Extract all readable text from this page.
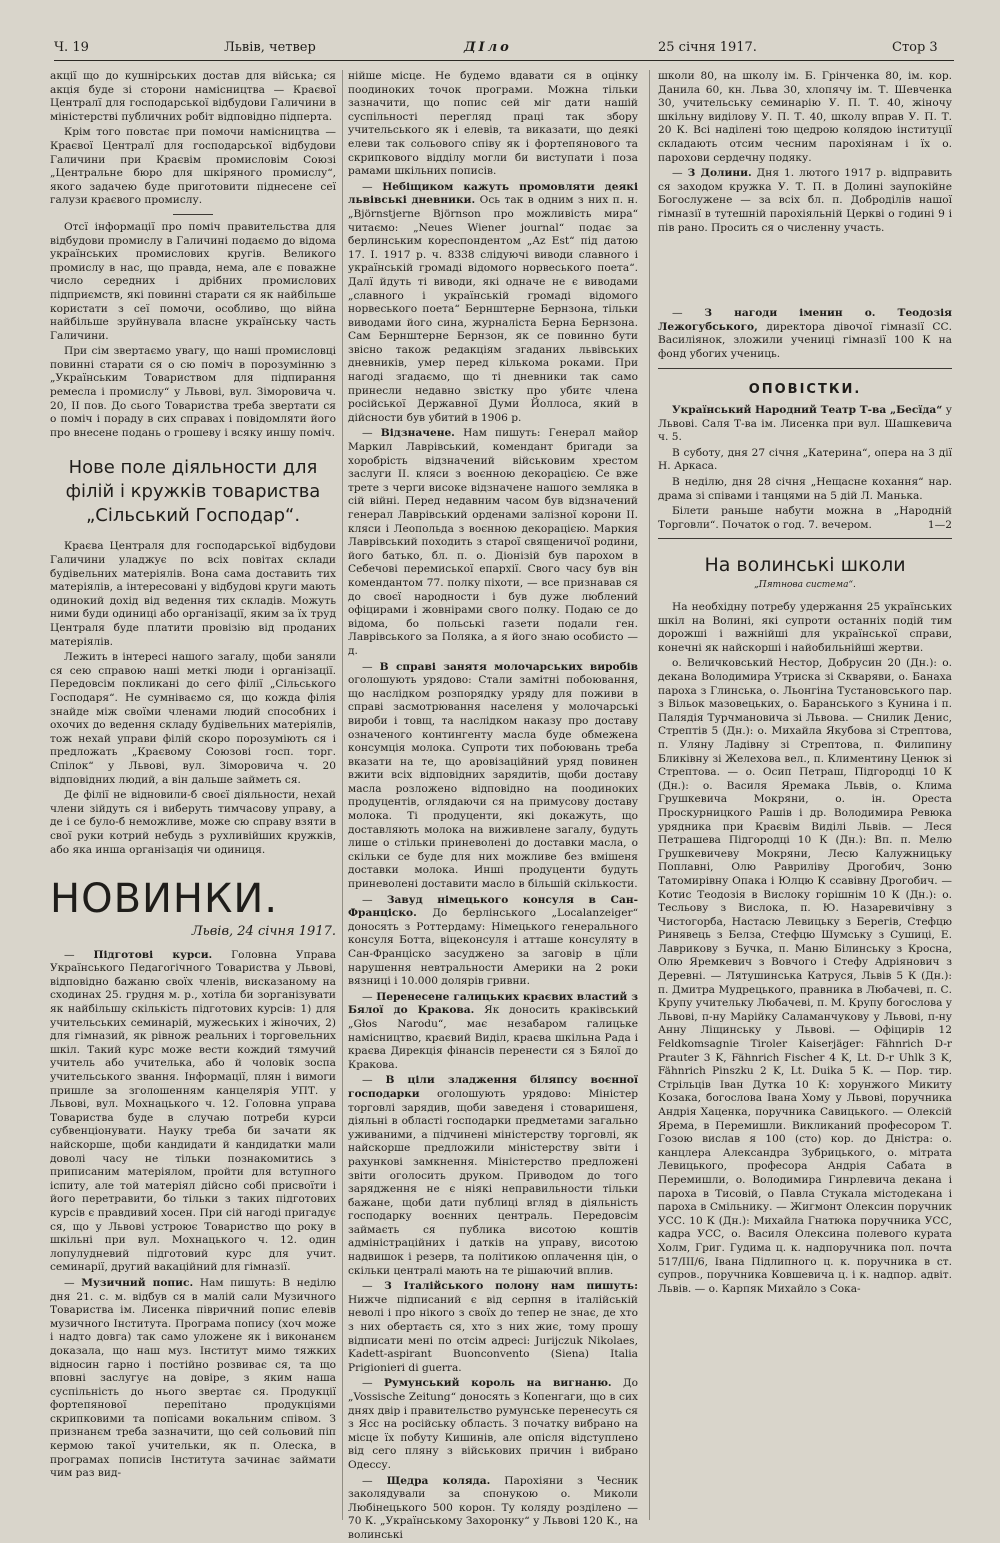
Ч. 19	Львів, четвер	ДІло	25 січня 1917.	Стор 3

акції що до кушнірських достав для війська; ся акція буде зі сторони намісництва — Краєвої Централї для господарської відбудови Галичини в міністерстві публичних робіт відповідно підперта.

Крім того повстає при помочи намісництва — Краєвої Централї для господарської відбудови Галичини при Краєвім промисловім Союзі „Центральне бюро для шкіряного промислу“, якого задачею буде приготовити піднесене сеї галузи краєвого промислу.

Отсї інформації про поміч правительства для відбудови промислу в Галичині подаємо до відома українських промислових кругів. Великого промислу в нас, що правда, нема, але є поважне число середних і дрібних промислових підприємств, які повинні старати ся як найбільше користати з сеї помочи, особливо, що війна найбільше зруйнувала власне українську часть Галичини.

При сім звертаємо увагу, що наші промисловці повинні старати ся о сю поміч в порозумінню з „Українським Товариством для підпирання ремесла і промислу“ у Львові, вул. Зіморовича ч. 20, II пов. До сього Товариства треба звертати ся о поміч і пораду в сих справах і повідомляти його про внесене подань о грошеву і всяку иншу поміч.

Нове поле діяльности для філій і кружків товариства „Сільський Господар“.

Краєва Централя для господарської відбудови Галичини уладжує по всіх повітах склади будівельних матеріялів. Вона сама доставить тих матеріялів, а інтересовані у відбудові круги мають одинокий дохід від ведення тих складів. Можуть ними буди одиниці або організації, яким за їх труд Централя буде платити провізію від проданих матеріялів.

Лежить в інтересі нашого загалу, щоби заняли ся сею справою наші меткі люди і організації. Передовсім покликані до сего філії „Сільського Господаря“. Не сумніваємо ся, що кожда філія знайде між своїми членами людий способних і охочих до ведення складу будівельних матеріялів, тож нехай управи філій скоро порозуміють ся і предложать „Краєвому Союзові госп. торг. Спілок“ у Львові, вул. Зіморовича ч. 20 відповідних людий, а він дальше займеть ся.

Де філії не відновили-б своєї діяльности, нехай члени зійдуть ся і виберуть тимчасову управу, а де і се було-б неможливе, може сю справу взяти в свої руки котрий небудь з рухливійших кружків, або яка инша організація чи одиниця.

НОВИНКИ.
Львів, 24 січня 1917.

— Підготові курси. Головна Управа Українського Педагогічного Товариства у Львові, відповідно бажаню своїх членів, висказаному на сходинах 25. грудня м. р., хотіла би зорганізувати як найбільшу скількість підготових курсів: 1) для учительських семинарій, мужеських і жіночих, 2) для гімназий, як рівнож реальних і торговельних шкіл. Такий курс може вести кождий тямучий учитель або учителька, або й чоловік зоспа учительського звання. Інформації, плян і вимоги пришле за зголошенням канцелярія УПТ. у Львові, вул. Мохнацького ч. 12. Головна управа Товариства буде в случаю потреби курси субвенціонувати. Науку треба би зачати як найскорше, щоби кандидати й кандидатки мали доволі часу не тільки познакомитись з приписаним матеріялом, пройти для вступного іспиту, але той матеріял дійсно собі присвоїти і його перетравити, бо тільки з таких підготових курсів є правдивий хосен. При сій нагоді пригадує ся, що у Львові устроює Товариство що року в шкільні при вул. Мохнацького ч. 12. один лопулудневий підготовий курс для учит. семинарії, другий вакаційний для гімназії.

— Музичний попис. Нам пишуть: В неділю дня 21. с. м. відбув ся в малій сали Музичного Товариства ім. Лисенка півричний попис елевів музичного Інститута. Програма попису (хоч може і надто довга) так само уложене як і виконанєм доказала, що наш муз. Інститут мимо тяжких відносин гарно і постійно розвиває ся, та що вповні заслугує на довіре, з яким наша суспільність до нього звертає ся. Продукції фортепянової перепітано продукціями скрипковими та попісами вокальним співом. З признанєм треба зазначити, що сей сольовий піп кермою такої учительки, як п. Олеска, в програмах пописів Інститута зачинає займати чим раз вид-

нійше місце. Не будемо вдавати ся в оцінку поодиноких точок програми. Можна тільки зазначити, що попис сей міг дати нашій суспільності перегляд праці так збору учительського як і елевів, та виказати, що деякі елеви так сольового співу як і фортепянового та скрипкового відділу могли би виступати і поза рамами шкільних пописів.

— Небіщиком кажуть промовляти деякі львівські дневники. Ось так в одним з них п. н. „Björnstjerne Björnson про можливість мира“ читаємо: „Neues Wiener journal“ подає за берлинським кореспондентом „Az Est“ під датою 17. I. 1917 р. ч. 8338 слідуючі виводи славного і українській громаді відомого норвеського поета“. Далї йдуть ті виводи, які одначе не є виводами „славного і українській громаді відомого норвеського поета“ Бернштерне Бернзона, тільки виводами його сина, журналіста Берна Бернзона. Сам Бернштерне Бернзон, як се повинно бути звісно також редакціям згаданих львівських дневників, умер перед кількома роками. При нагоді згадаємо, що ті дневники так само принесли недавно звістку про убитє члена російської Державної Думи Йоллоса, який в дійсности був убитий в 1906 р.

— Відзначене. Нам пишуть: Генерал майор Маркил Лаврівський, комендант бригади за хоробрість відзначений військовим хрестом заслуги II. кляси з воєнною декорацією. Се вже трете з черги високе відзначене нашого земляка в сій війні. Перед недавним часом був відзначений генерал Лаврівський орденами залізної корони II. кляси і Леопольда з воєнною декорацією. Маркия Лаврівський походить з старої священичої родини, його батько, бл. п. о. Діонізій був парохом в Себечові перемиської епархії. Свого часу був він комендантом 77. полку піхоти, — все признавав ся до своєї народности і був дуже люблений офіцирами і жовнірами свого полку. Подаю се до відома, бо польські газети подали ген. Лаврівського за Поляка, а я його знаю особисто — д.

— В справі занятя молочарських виробів оголошують урядово: Стали замітні побоювання, що наслідком розпорядку уряду для поживи в справі засмотрювання населеня у молочарські вироби і товщ, та наслідком наказу про доставу означеного контингенту масла буде обмежена консумція молока. Супроти тих побоювань треба вказати на те, що аровізаційний уряд повинен вжити всіх відповідних зарядитів, щоби доставу масла розложено відповідно на поодиноких продуцентів, оглядаючи ся на примусову доставу молока. Ті продуценти, які докажуть, що доставляють молока на виживлене загалу, будуть лише о стільки приневолені до доставки масла, о скільки се буде для них можливе без вмішеня доставки молока. Инші продуценти будуть приневолені доставити масло в більшій скількости.

— Завуд німецького консуля в Сан-Франціско. До берлінського „Localanzeiger“ доносять з Роттердаму: Німецького генерального консуля Ботта, віцеконсуля і атташе консуляту в Сан-Франціско засуджено за заговір в цїли нарушення невтральности Америки на 2 роки вязниці і 10.000 долярів гривни.

— Перенесене галицьких краєвих властий з Бялої до Кракова. Як доносить краківський „Głos Narodu“, має незабаром галицьке намісництво, краєвий Виділ, краєва шкільна Рада і краєва Дирекція фінансів перенести ся з Бялої до Кракова.

— В ціли зладження біляпсу воєнної господарки оголошують урядово: Міністер торговлі зарядив, щоби заведеня і стоваришеня, діяльні в області господарки предметами загально уживаними, а підчинені міністерству торговлі, як найскорше предложили міністерству звіти і рахункові замкнення. Міністерство предложені звіти оголосить друком. Приводом до того зарядження не є ніякі неправильности тільки бажане, щоби дати публиці вгляд в діяльність господарку воєнних централь. Передовсім займаєть ся публика висотою коштів адміністраційних і датків на управу, висотою надвишок і резерв, та політикою оплачення цін, о скільки централі мають на те рішаючий вплив.

— З Італійського полону нам пишуть: Нижче підписаний є від серпня в італійській неволі і про нікого з своїх до тепер не знає, де хто з них обертаєть ся, хто з них жиє, тому прошу відписати мені по отсім адресі: Jurijczuk Nikolaes, Kadett-aspirant Buonconvento (Siena) Italia Prigionieri di guerra.

— Румунський король на вигнаню. До „Vossische Zeitung“ доносять з Копенгаги, що в сих днях двір і правительство румунське перенесуть ся з Ясс на російську область. З початку вибрано на місце їх побуту Кишинів, але опісля відступлено від сего пляну з військових причин і вибрано Одессу.

— Щедра коляда. Парохіяни з Чесник заколядували за спонукою о. Миколи Любінецького 500 корон. Ту коляду розділено — 70 К. „Українському Захоронку“ у Львові 120 К., на волинські

школи 80, на школу ім. Б. Грінченка 80, ім. кор. Данила 60, кн. Льва 30, хлопячу ім. Т. Шевченка 30, учительську семинарію У. П. Т. 40, жіночу шкільну виділову У. П. Т. 40, школу вправ У. П. Т. 20 К. Всі наділені тою щедрою колядою інституції складають отсим чесним парохіянам і їх о. парохови сердечну подяку.

— З Долини. Дня 1. лютого 1917 р. відправить ся заходом кружка У. Т. П. в Долині заупокійне Богослужене — за всіх бл. п. Доброділів нашої гімназії в тутешній парохіяльній Церкві о годині 9 і пів рано. Просить ся о численну участь.

— З нагоди іменин о. Теодозія Лежогубського, директора дівочої гімназії СС. Василіянок, зложили учениці гімназії 100 К на фонд убогих учениць.

ОПОВІСТКИ.

Український Народний Театр Т-ва „Бесїда“ у Львові. Саля Т-ва ім. Лисенка при вул. Шашкевича ч. 5.

В суботу, дня 27 січня „Катерина“, опера на 3 дії Н. Аркаса.

В неділю, дня 28 січня „Нещасне кохання“ нар. драма зі співами і танцями на 5 дій Л. Манька.

Білети раньше набути можна в „Народній Торговли“. Початок о год. 7. вечером.	1—2

На волинські школи
„Пятнова система“.

На необхідну потребу удержання 25 українських шкіл на Волині, які супроти останніх подій тим дорожші і важнійші для української справи, конечні як найскорші і найобильнійші жертви.

о. Величковський Нестор, Добрусин 20 (Дн.): о. декана Володимира Утриска зі Скваряви, о. Банаха пароха з Глинська, о. Льонгіна Тустановського пар. з Вільок мазовецьких, о. Баранського з Кунина і п. Палядія Турчмановича зі Львова. — Снилик Денис, Стрептів 5 (Дн.): о. Михайла Якубова зі Стрептова, п. Уляну Ладівну зі Стрептова, п. Филипину Бликівну зі Желехова вел., п. Климентину Ценюк зі Стрептова. — о. Осип Петраш, Підгородці 10 К (Дн.): о. Василя Яремака Львів, о. Клима Грушкевича Мокряни, о. ін. Ореста Проскурницкого Рашів і др. Володимира Ревюка урядника при Краєвім Виділі Львів. — Леся Петрашева Підгородці 10 К (Дн.): Вп. п. Мелю Грушкевичеву Мокряни, Лесю Калужницьку Поплавні, Олю Равриліву Дрогобич, Зоню Татомирівну Опака і Юлцю К ссавівну Дрогобич. — Котис Теодозія в Вислоку горішнім 10 К (Дн.): о. Тесльову з Вислока, п. Ю. Назаревичівну з Чистогорба, Настасю Левицьку з Берегів, Стефцю Ринявець з Белза, Стефцю Шумську з Сушиці, Е. Лаврикову з Бучка, п. Маню Білинську з Кросна, Олю Яремкевич з Вовчого і Стефу Адріянович з Деревні. — Лятушинська Катруся, Львів 5 К (Дн.): п. Дмитра Мудрецького, правника в Любачеві, п. С. Крупу учительку Любачеві, п. М. Крупу богослова у Львові, п-ну Марійку Саламанчукову у Львові, п-ну Анну Ліщинську у Львові. — Офіцирів 12 Feldkomsagnie Tiroler Kaiserjäger: Fähnrich D-r Prauter 3 K, Fähnrich Fischer 4 K, Lt. D-r Uhlk 3 K, Fähnrich Pinszku 2 K, Lt. Duika 5 K. — Пор. тир. Стрільців Іван Дутка 10 К: хорунжого Микиту Козака, богослова Івана Хому у Львові, поручника Андрія Хаценка, поручника Савицького. — Олексій Ярема, в Перемишли. Викликаний професором Т. Гозою вислав я 100 (сто) кор. до Дністра: о. канцлера Александра Зубрицького, о. мітрата Левицького, професора Андрія Сабата в Перемишли, о. Володимира Гинрлевича декана і пароха в Тисовій, о Павла Стукала містодекана і пароха в Смільнику. — Жигмонт Олексин поручник УСС. 10 К (Дн.): Михайла Гнатюка поручника УСС, кадра УСС, о. Василя Олексина полевого курата Холм, Григ. Гудима ц. к. надпоручника пол. почта 517/III/6, Івана Підлипного ц. к. поручника в ст. супров., поручника Ковшевича ц. і к. надпор. адвіт. Львів. — о. Карпяк Михайло з Сока-
